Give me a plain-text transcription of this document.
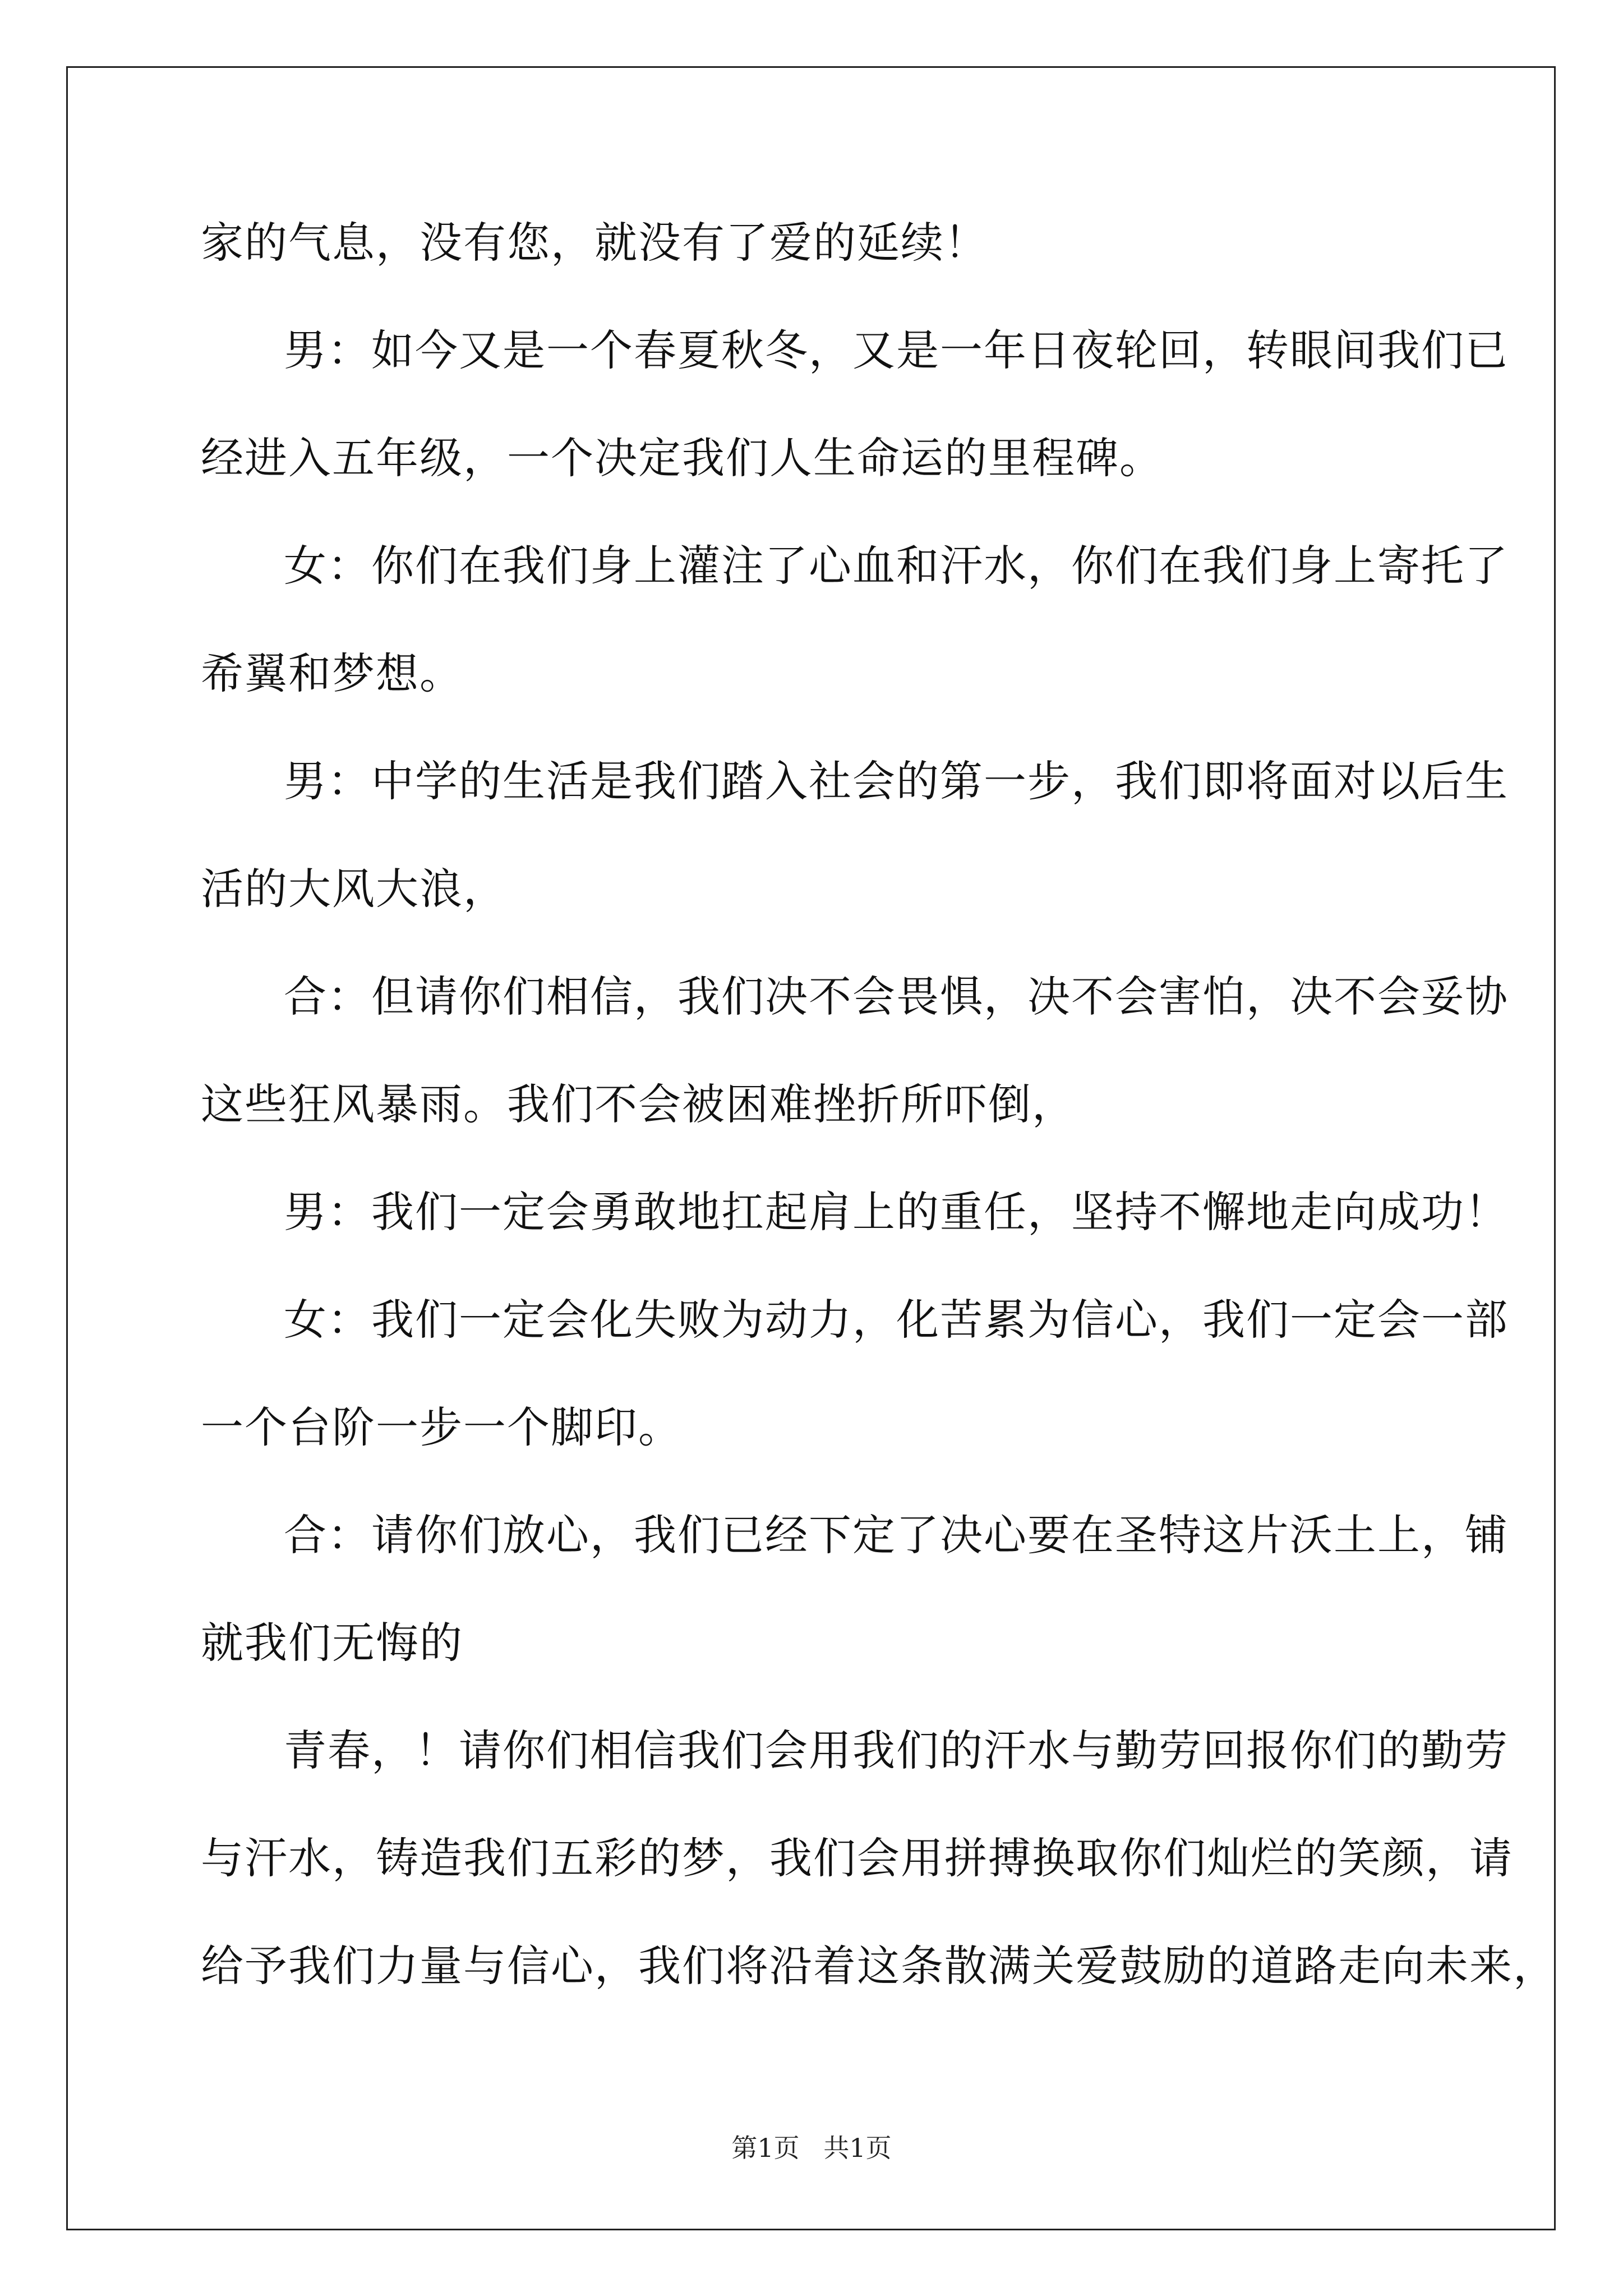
家的气息，没有您，就没有了爱的延续！
男：如今又是一个春夏秋冬，又是一年日夜轮回，转眼间我们已
经进入五年级，一个决定我们人生命运的里程碑。
女：你们在我们身上灌注了心血和汗水，你们在我们身上寄托了
希翼和梦想。
男：中学的生活是我们踏入社会的第一步，我们即将面对以后生
活的大风大浪，
合：但请你们相信，我们决不会畏惧，决不会害怕，决不会妥协
这些狂风暴雨。我们不会被困难挫折所吓倒，
男：我们一定会勇敢地扛起肩上的重任，坚持不懈地走向成功！
女：我们一定会化失败为动力，化苦累为信心，我们一定会一部
一个台阶一步一个脚印。
合：请你们放心，我们已经下定了决心要在圣特这片沃土上，铺
就我们无悔的
青春，！请你们相信我们会用我们的汗水与勤劳回报你们的勤劳
与汗水，铸造我们五彩的梦，我们会用拼搏换取你们灿烂的笑颜，请
给予我们力量与信心，我们将沿着这条散满关爱鼓励的道路走向未来，
第1页 共1页
